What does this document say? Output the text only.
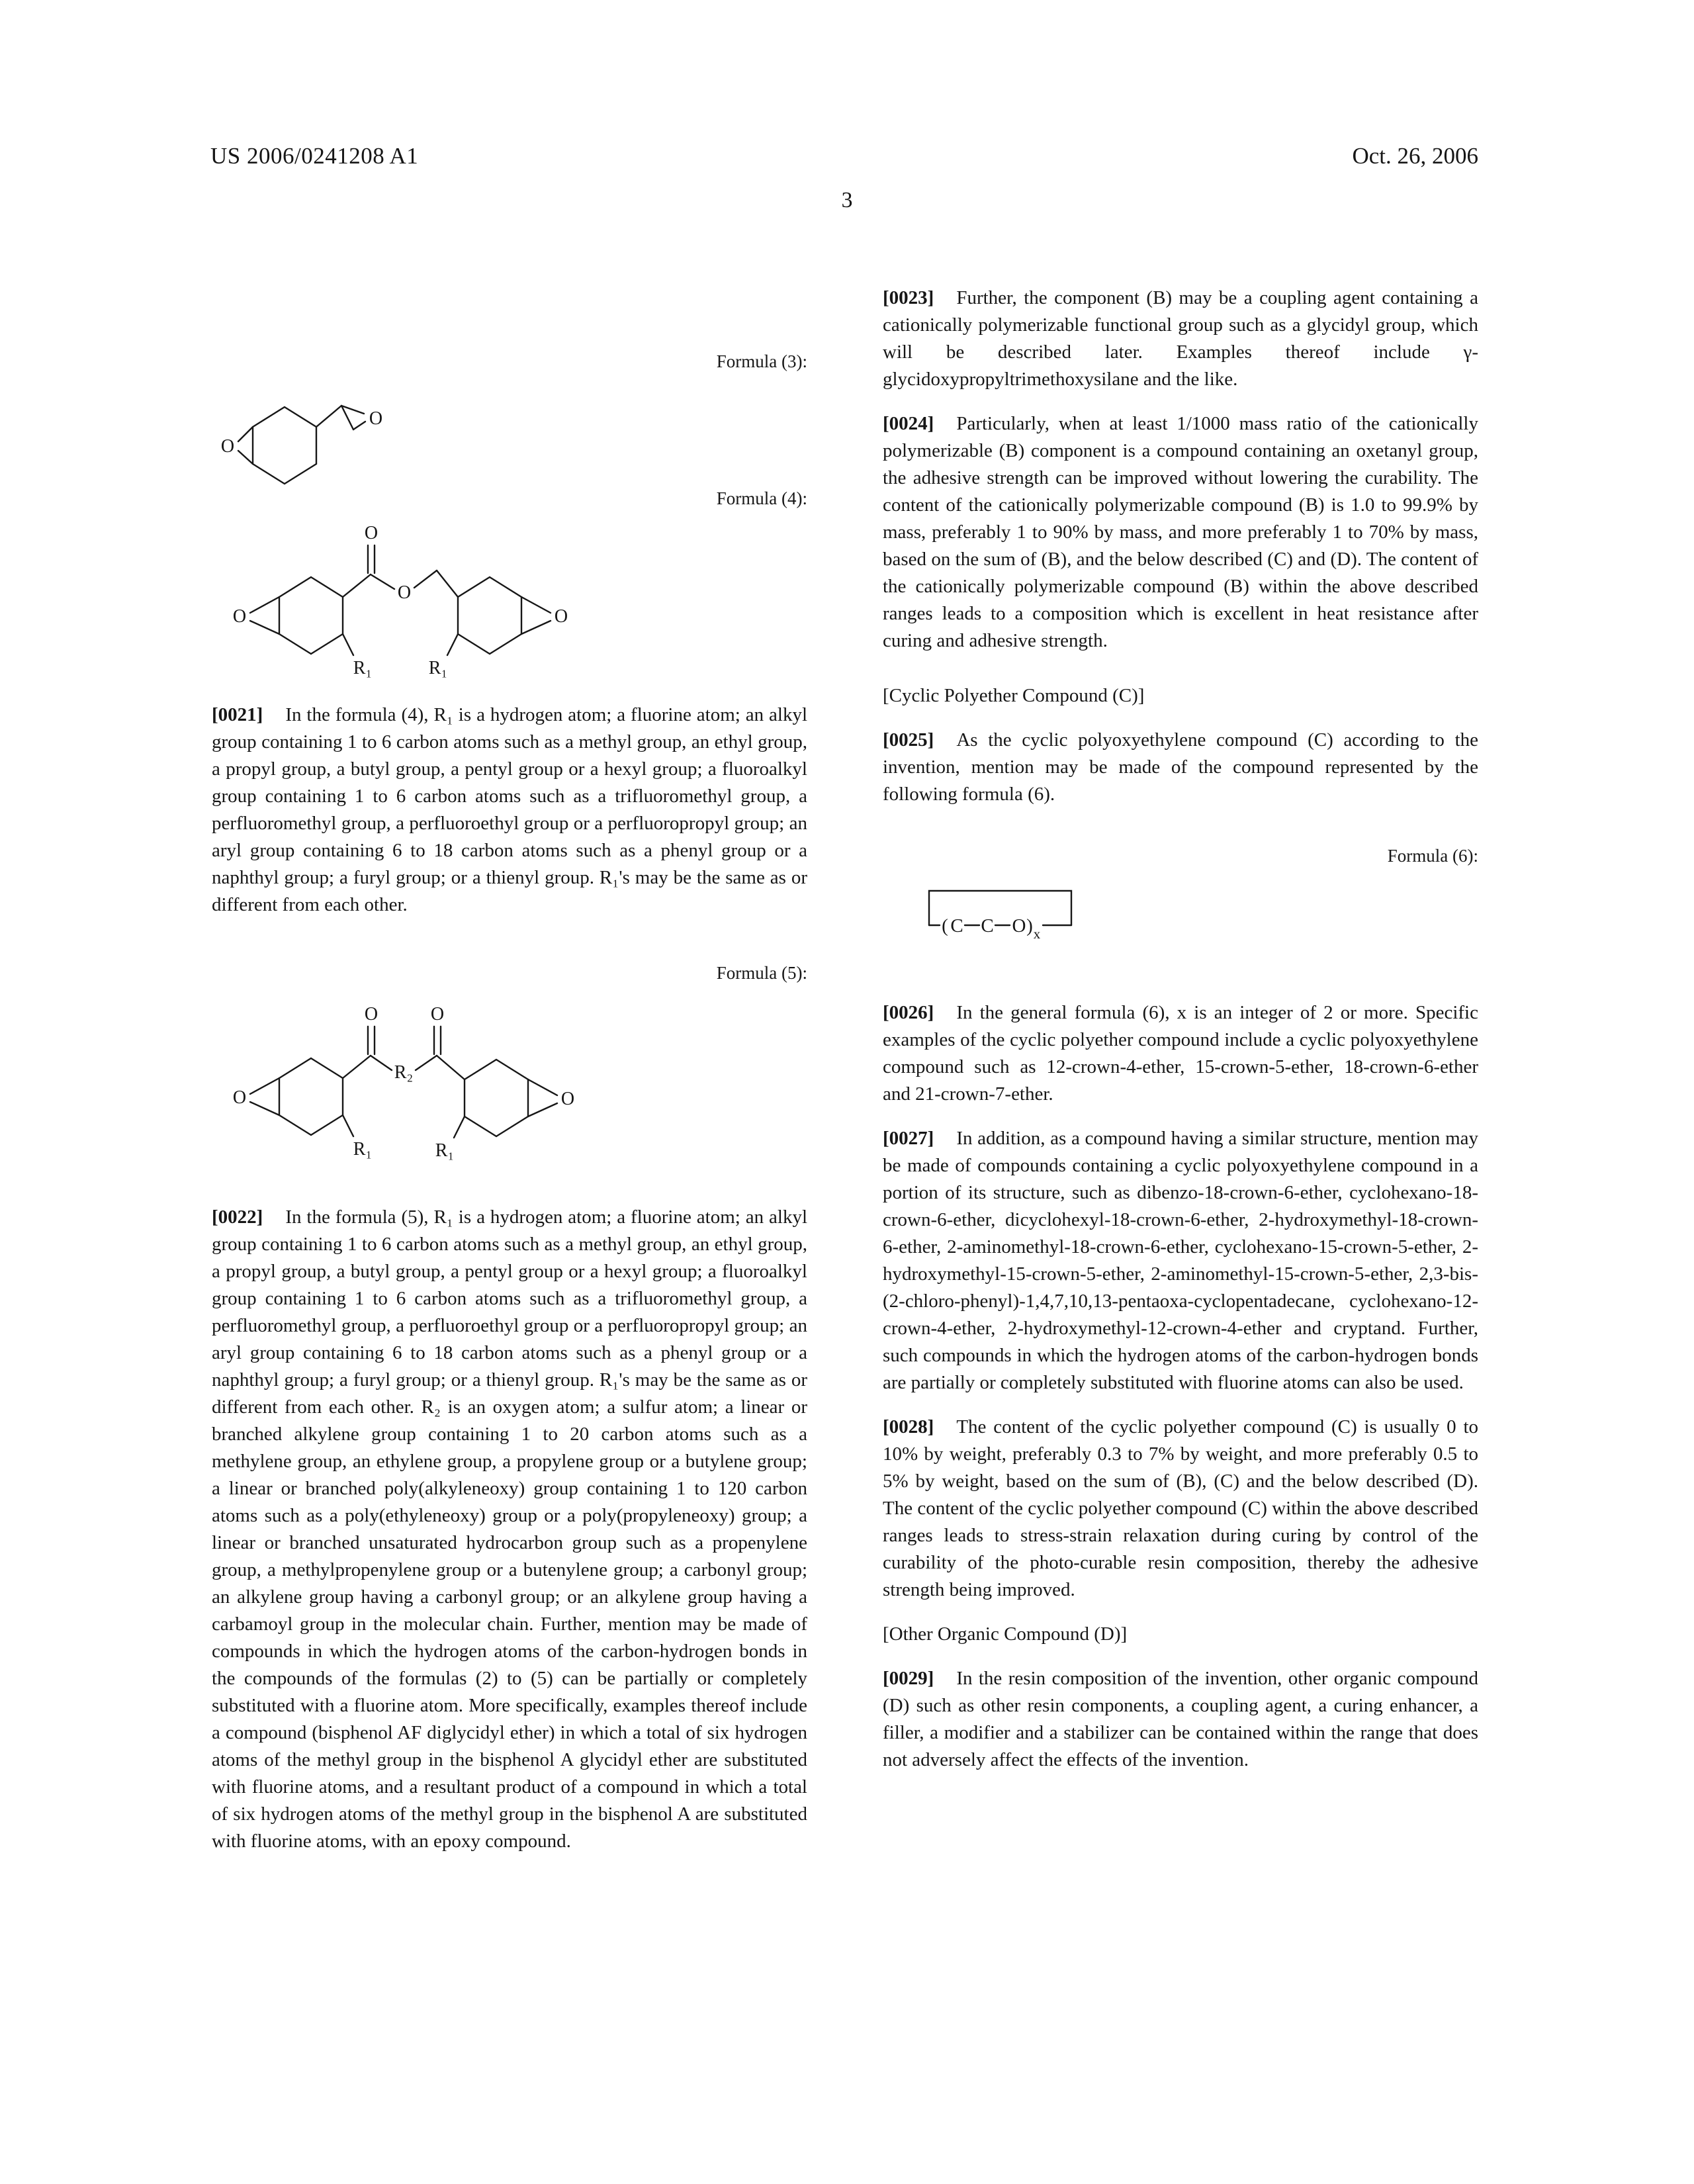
US 2006/0241208 A1	Oct. 26, 2006
3
Formula (3):
O
O
Formula (4):
O
R₁
O
O
O
R₁

[0021] In the formula (4), R₁ is a hydrogen atom; a fluorine atom; an alkyl group containing 1 to 6 carbon atoms such as a methyl group, an ethyl group, a propyl group, a butyl group, a pentyl group or a hexyl group; a fluoroalkyl group containing 1 to 6 carbon atoms such as a trifluoromethyl group, a perfluoromethyl group, a perfluoroethyl group or a perfluoropropyl group; an aryl group containing 6 to 18 carbon atoms such as a phenyl group or a naphthyl group; a furyl group; or a thienyl group. R₁'s may be the same as or different from each other.

Formula (5):
O
R₁
O
R₂
O
O
R₁

[0022] In the formula (5), R₁ is a hydrogen atom; a fluorine atom; an alkyl group containing 1 to 6 carbon atoms such as a methyl group, an ethyl group, a propyl group, a butyl group, a pentyl group or a hexyl group; a fluoroalkyl group containing 1 to 6 carbon atoms such as a trifluoromethyl group, a perfluoromethyl group, a perfluoroethyl group or a perfluoropropyl group; an aryl group containing 6 to 18 carbon atoms such as a phenyl group or a naphthyl group; a furyl group; or a thienyl group. R₁'s may be the same as or different from each other. R₂ is an oxygen atom; a sulfur atom; a linear or branched alkylene group containing 1 to 20 carbon atoms such as a methylene group, an ethylene group, a propylene group or a butylene group; a linear or branched poly(alkyleneoxy) group containing 1 to 120 carbon atoms such as a poly(ethyleneoxy) group or a poly(propyleneoxy) group; a linear or branched unsaturated hydrocarbon group such as a propenylene group, a methylpropenylene group or a butenylene group; a carbonyl group; an alkylene group having a carbonyl group; or an alkylene group having a carbamoyl group in the molecular chain. Further, mention may be made of compounds in which the hydrogen atoms of the carbon-hydrogen bonds in the compounds of the formulas (2) to (5) can be partially or completely substituted with a fluorine atom. More specifically, examples thereof include a compound (bisphenol AF diglycidyl ether) in which a total of six hydrogen atoms of the methyl group in the bisphenol A glycidyl ether are substituted with fluorine atoms, and a resultant product of a compound in which a total of six hydrogen atoms of the methyl group in the bisphenol A are substituted with fluorine atoms, with an epoxy compound.

[0023] Further, the component (B) may be a coupling agent containing a cationically polymerizable functional group such as a glycidyl group, which will be described later. Examples thereof include γ-glycidoxypropyltrimethoxysilane and the like.

[0024] Particularly, when at least 1/1000 mass ratio of the cationically polymerizable (B) component is a compound containing an oxetanyl group, the adhesive strength can be improved without lowering the curability. The content of the cationically polymerizable compound (B) is 1.0 to 99.9% by mass, preferably 1 to 90% by mass, and more preferably 1 to 70% by mass, based on the sum of (B), and the below described (C) and (D). The content of the cationically polymerizable compound (B) within the above described ranges leads to a composition which is excellent in heat resistance after curing and adhesive strength.

[Cyclic Polyether Compound (C)]

[0025] As the cyclic polyoxyethylene compound (C) according to the invention, mention may be made of the compound represented by the following formula (6).

Formula (6):
( C C O ) x

[0026] In the general formula (6), x is an integer of 2 or more. Specific examples of the cyclic polyether compound include a cyclic polyoxyethylene compound such as 12-crown-4-ether, 15-crown-5-ether, 18-crown-6-ether and 21-crown-7-ether.

[0027] In addition, as a compound having a similar structure, mention may be made of compounds containing a cyclic polyoxyethylene compound in a portion of its structure, such as dibenzo-18-crown-6-ether, cyclohexano-18-crown-6-ether, dicyclohexyl-18-crown-6-ether, 2-hydroxymethyl-18-crown-6-ether, 2-aminomethyl-18-crown-6-ether, cyclohexano-15-crown-5-ether, 2-hydroxymethyl-15-crown-5-ether, 2-aminomethyl-15-crown-5-ether, 2,3-bis-(2-chloro-phenyl)-1,4,7,10,13-pentaoxa-cyclopentadecane, cyclohexano-12-crown-4-ether, 2-hydroxymethyl-12-crown-4-ether and cryptand. Further, such compounds in which the hydrogen atoms of the carbon-hydrogen bonds are partially or completely substituted with fluorine atoms can also be used.

[0028] The content of the cyclic polyether compound (C) is usually 0 to 10% by weight, preferably 0.3 to 7% by weight, and more preferably 0.5 to 5% by weight, based on the sum of (B), (C) and the below described (D). The content of the cyclic polyether compound (C) within the above described ranges leads to stress-strain relaxation during curing by control of the curability of the photo-curable resin composition, thereby the adhesive strength being improved.

[Other Organic Compound (D)]

[0029] In the resin composition of the invention, other organic compound (D) such as other resin components, a coupling agent, a curing enhancer, a filler, a modifier and a stabilizer can be contained within the range that does not adversely affect the effects of the invention.
